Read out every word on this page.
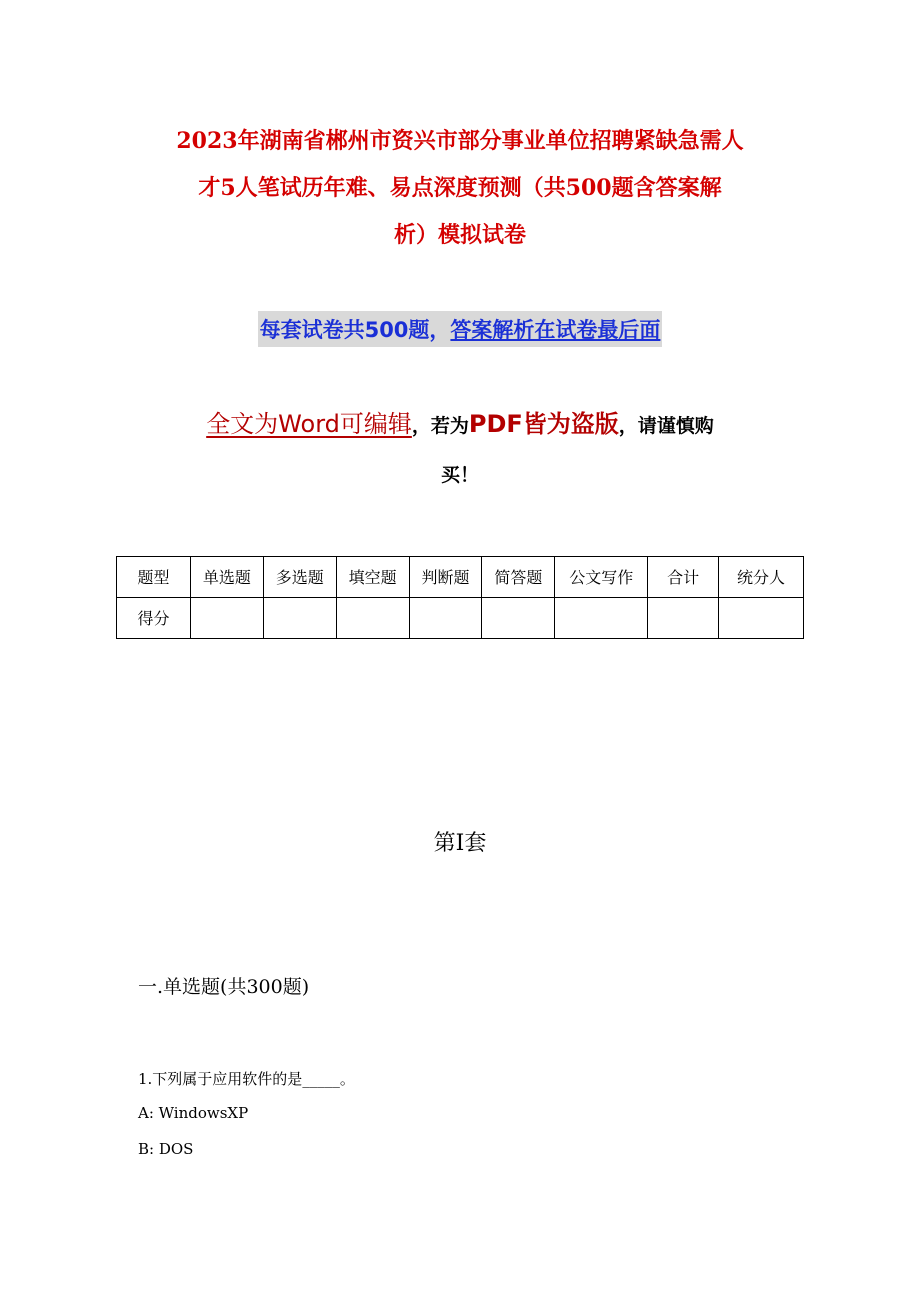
2023年湖南省郴州市资兴市部分事业单位招聘紧缺急需人
才5人笔试历年难、易点深度预测（共500题含答案解
析）模拟试卷
每套试卷共500题，答案解析在试卷最后面
全文为Word可编辑，若为PDF皆为盗版，请谨慎购
买！
题型	单选题	多选题	填空题	判断题	简答题	公文写作	合计	统分人
得分								
第I套
一.单选题(共300题)
1.下列属于应用软件的是_____。
A: WindowsXP
B: DOS
